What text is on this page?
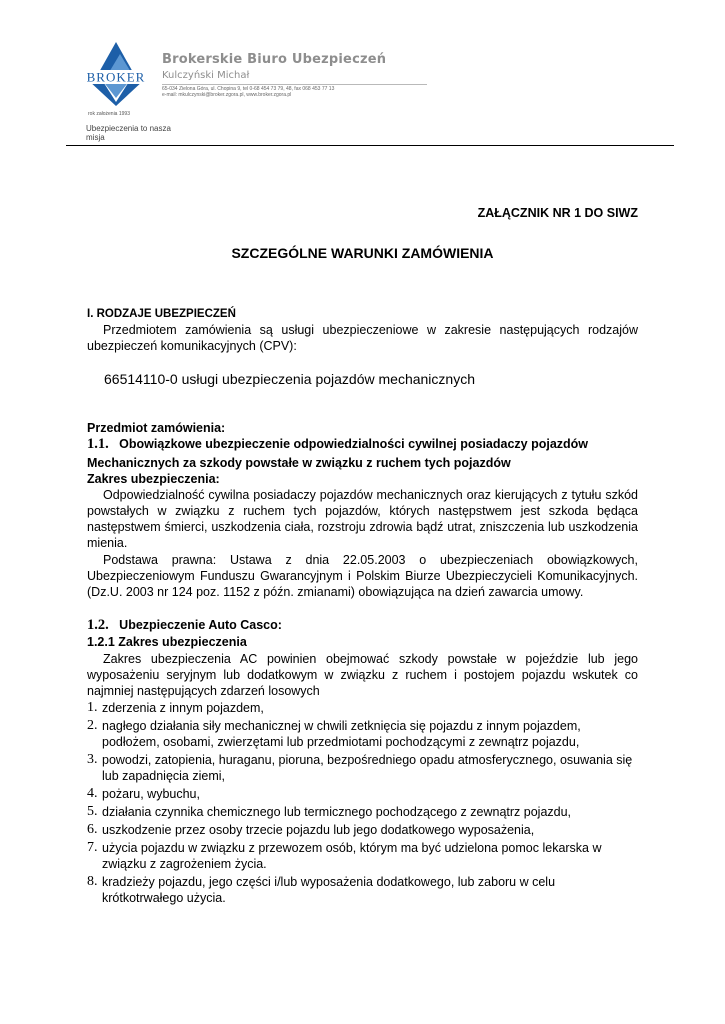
BROKER
rok założenia 1993
Ubezpieczenia to nasza misja
Brokerskie Biuro Ubezpieczeń
Kulczyński Michał
65-034 Zielona Góra, ul. Chopina 9, tel 0-68 454 73 79, 48, fax 068 453 77 13
e-mail: mkulczynski@broker.zgora.pl, www.broker.zgora.pl
ZAŁĄCZNIK NR 1 DO SIWZ
SZCZEGÓLNE WARUNKI ZAMÓWIENIA
I. RODZAJE UBEZPIECZEŃ
Przedmiotem zamówienia są usługi ubezpieczeniowe w zakresie następujących rodzajów ubezpieczeń komunikacyjnych (CPV):
66514110-0 usługi ubezpieczenia pojazdów mechanicznych
Przedmiot zamówienia:
1.1. Obowiązkowe ubezpieczenie odpowiedzialności cywilnej posiadaczy pojazdów
Mechanicznych za szkody powstałe w związku z ruchem tych pojazdów
Zakres ubezpieczenia:
Odpowiedzialność cywilna posiadaczy pojazdów mechanicznych oraz kierujących z tytułu szkód powstałych w związku z ruchem tych pojazdów, których następstwem jest szkoda będąca następstwem śmierci, uszkodzenia ciała, rozstroju zdrowia bądź utrat, zniszczenia lub uszkodzenia mienia.
Podstawa prawna: Ustawa z dnia 22.05.2003 o ubezpieczeniach obowiązkowych, Ubezpieczeniowym Funduszu Gwarancyjnym i Polskim Biurze Ubezpieczycieli Komunikacyjnych. (Dz.U. 2003 nr 124 poz. 1152 z późn. zmianami) obowiązująca na dzień zawarcia umowy.
1.2. Ubezpieczenie Auto Casco:
1.2.1 Zakres ubezpieczenia
Zakres ubezpieczenia AC powinien obejmować szkody powstałe w pojeździe lub jego wyposażeniu seryjnym lub dodatkowym w związku z ruchem i postojem pojazdu wskutek co najmniej następujących zdarzeń losowych
1. zderzenia z innym pojazdem,
2. nagłego działania siły mechanicznej w chwili zetknięcia się pojazdu z innym pojazdem, podłożem, osobami, zwierzętami lub przedmiotami pochodzącymi z zewnątrz pojazdu,
3. powodzi, zatopienia, huraganu, pioruna, bezpośredniego opadu atmosferycznego, osuwania się lub zapadnięcia ziemi,
4. pożaru, wybuchu,
5. działania czynnika chemicznego lub termicznego pochodzącego z zewnątrz pojazdu,
6. uszkodzenie przez osoby trzecie pojazdu lub jego dodatkowego wyposażenia,
7. użycia pojazdu w związku z przewozem osób, którym ma być udzielona pomoc lekarska w związku z zagrożeniem życia.
8. kradzieży pojazdu, jego części i/lub wyposażenia dodatkowego, lub zaboru w celu krótkotrwałego użycia.
